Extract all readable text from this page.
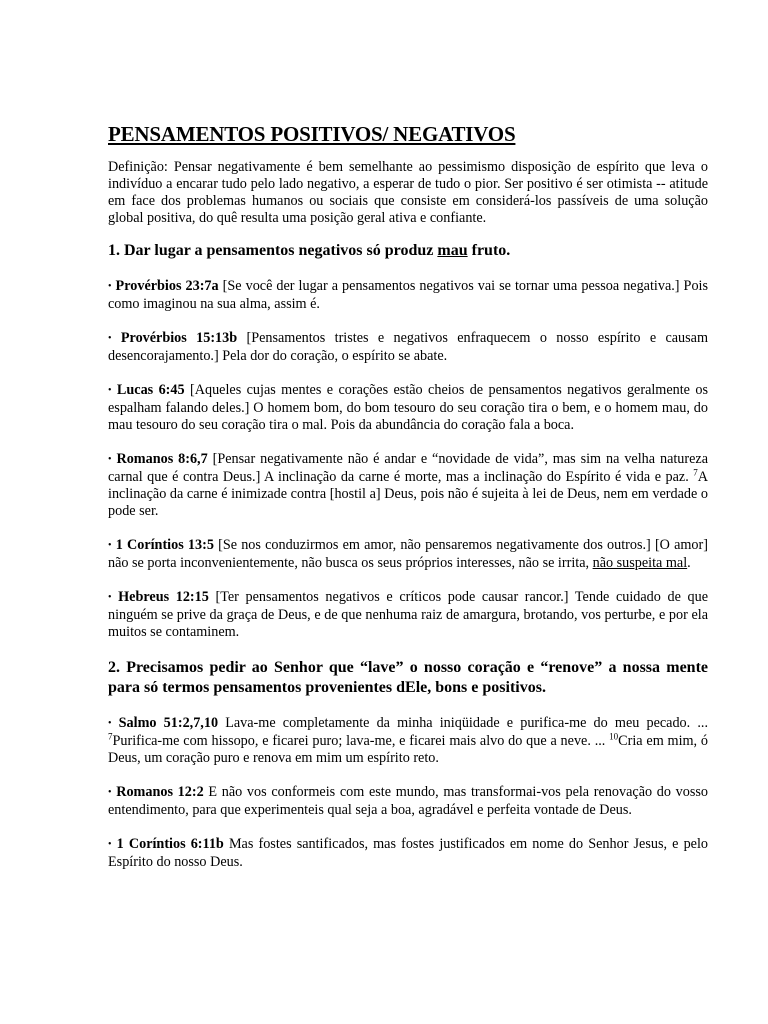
PENSAMENTOS POSITIVOS/ NEGATIVOS

Definição: Pensar negativamente é bem semelhante ao pessimismo disposição de espírito que leva o indivíduo a encarar tudo pelo lado negativo, a esperar de tudo o pior. Ser positivo é ser otimista -- atitude em face dos problemas humanos ou sociais que consiste em considerá-los passíveis de uma solução global positiva, do quê resulta uma posição geral ativa e confiante.

1. Dar lugar a pensamentos negativos só produz mau fruto.

• Provérbios 23:7a [Se você der lugar a pensamentos negativos vai se tornar uma pessoa negativa.] Pois como imaginou na sua alma, assim é.

• Provérbios 15:13b [Pensamentos tristes e negativos enfraquecem o nosso espírito e causam desencorajamento.] Pela dor do coração, o espírito se abate.

• Lucas 6:45 [Aqueles cujas mentes e corações estão cheios de pensamentos negativos geralmente os espalham falando deles.] O homem bom, do bom tesouro do seu coração tira o bem, e o homem mau, do mau tesouro do seu coração tira o mal. Pois da abundância do coração fala a boca.

• Romanos 8:6,7 [Pensar negativamente não é andar e “novidade de vida”, mas sim na velha natureza carnal que é contra Deus.] A inclinação da carne é morte, mas a inclinação do Espírito é vida e paz. $^7$A inclinação da carne é inimizade contra [hostil a] Deus, pois não é sujeita à lei de Deus, nem em verdade o pode ser.

• 1 Coríntios 13:5 [Se nos conduzirmos em amor, não pensaremos negativamente dos outros.] [O amor] não se porta inconvenientemente, não busca os seus próprios interesses, não se irrita, não suspeita mal.

• Hebreus 12:15 [Ter pensamentos negativos e críticos pode causar rancor.] Tende cuidado de que ninguém se prive da graça de Deus, e de que nenhuma raiz de amargura, brotando, vos perturbe, e por ela muitos se contaminem.

2. Precisamos pedir ao Senhor que “lave” o nosso coração e “renove” a nossa mente para só termos pensamentos provenientes dEle, bons e positivos.

• Salmo 51:2,7,10 Lava-me completamente da minha iniqüidade e purifica-me do meu pecado. ... $^7$Purifica-me com hissopo, e ficarei puro; lava-me, e ficarei mais alvo do que a neve. ... $^{10}$Cria em mim, ó Deus, um coração puro e renova em mim um espírito reto.

• Romanos 12:2 E não vos conformeis com este mundo, mas transformai-vos pela renovação do vosso entendimento, para que experimenteis qual seja a boa, agradável e perfeita vontade de Deus.

• 1 Coríntios 6:11b Mas fostes santificados, mas fostes justificados em nome do Senhor Jesus, e pelo Espírito do nosso Deus.
